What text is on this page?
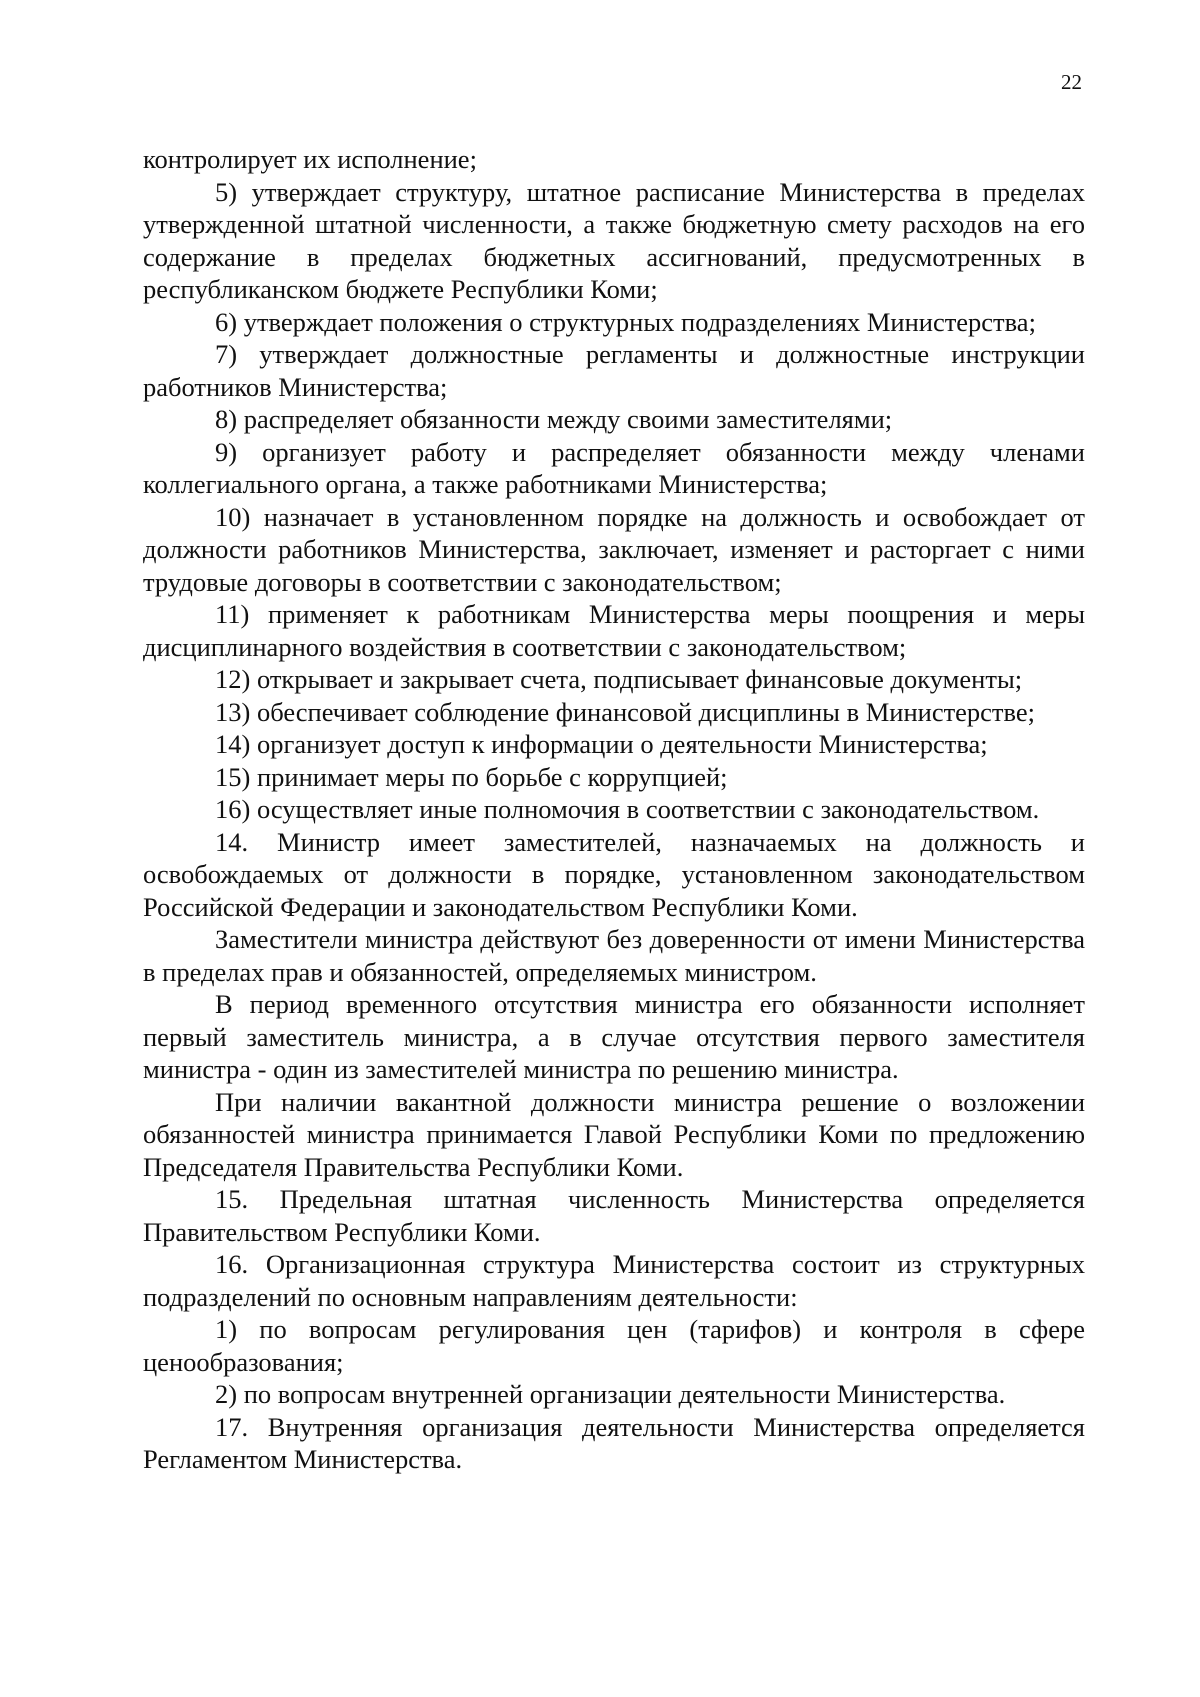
22

контролирует их исполнение;

5) утверждает структуру, штатное расписание Министерства в пределах утвержденной штатной численности, а также бюджетную смету расходов на его содержание в пределах бюджетных ассигнований, предусмотренных в республиканском бюджете Республики Коми;

6) утверждает положения о структурных подразделениях Министерства;

7) утверждает должностные регламенты и должностные инструкции работников Министерства;

8) распределяет обязанности между своими заместителями;

9) организует работу и распределяет обязанности между членами коллегиального органа, а также работниками Министерства;

10) назначает в установленном порядке на должность и освобождает от должности работников Министерства, заключает, изменяет и расторгает с ними трудовые договоры в соответствии с законодательством;

11) применяет к работникам Министерства меры поощрения и меры дисциплинарного воздействия в соответствии с законодательством;

12) открывает и закрывает счета, подписывает финансовые документы;

13) обеспечивает соблюдение финансовой дисциплины в Министерстве;

14) организует доступ к информации о деятельности Министерства;

15) принимает меры по борьбе с коррупцией;

16) осуществляет иные полномочия в соответствии с законодательством.

14. Министр имеет заместителей, назначаемых на должность и освобождаемых от должности в порядке, установленном законодательством Российской Федерации и законодательством Республики Коми.

Заместители министра действуют без доверенности от имени Министерства в пределах прав и обязанностей, определяемых министром.

В период временного отсутствия министра его обязанности исполняет первый заместитель министра, а в случае отсутствия первого заместителя министра - один из заместителей министра по решению министра.

При наличии вакантной должности министра решение о возложении обязанностей министра принимается Главой Республики Коми по предложению Председателя Правительства Республики Коми.

15. Предельная штатная численность Министерства определяется Правительством Республики Коми.

16. Организационная структура Министерства состоит из структурных подразделений по основным направлениям деятельности:

1) по вопросам регулирования цен (тарифов) и контроля в сфере ценообразования;

2) по вопросам внутренней организации деятельности Министерства.

17. Внутренняя организация деятельности Министерства определяется Регламентом Министерства.
